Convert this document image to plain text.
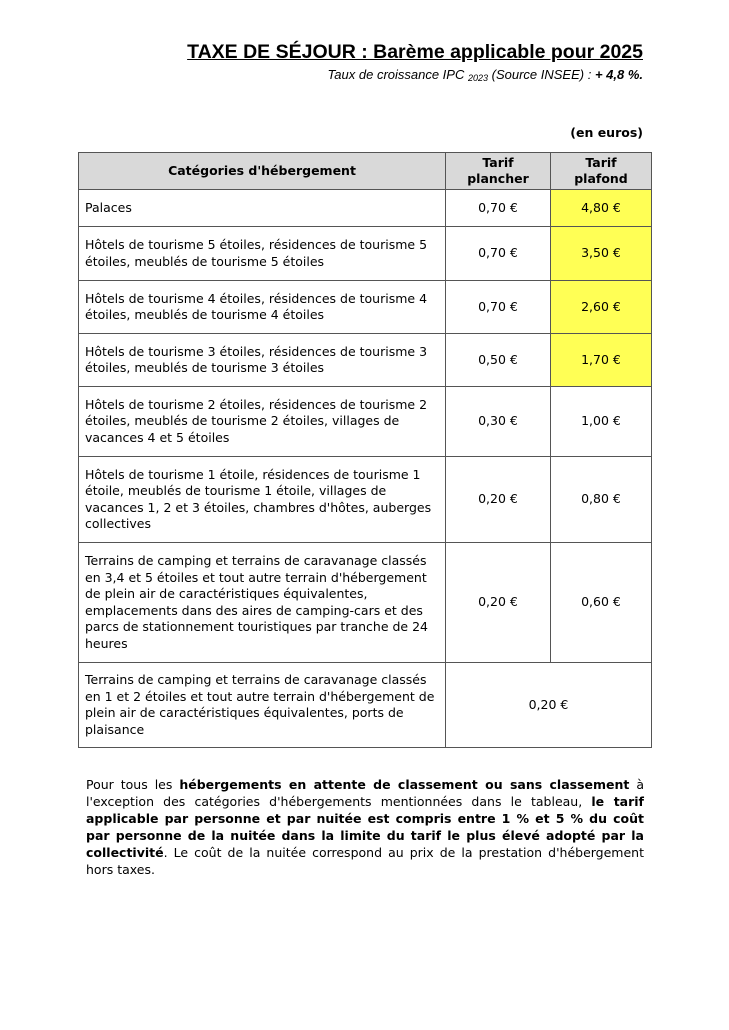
TAXE DE SÉJOUR : Barème applicable pour 2025
Taux de croissance IPC $_{2023}$ (Source INSEE) : + 4,8 %.
(en euros)
Catégories d'hébergement	Tarif plancher	Tarif plafond
Palaces	0,70 €	4,80 €
Hôtels de tourisme 5 étoiles, résidences de tourisme 5 étoiles, meublés de tourisme 5 étoiles	0,70 €	3,50 €
Hôtels de tourisme 4 étoiles, résidences de tourisme 4 étoiles, meublés de tourisme 4 étoiles	0,70 €	2,60 €
Hôtels de tourisme 3 étoiles, résidences de tourisme 3 étoiles, meublés de tourisme 3 étoiles	0,50 €	1,70 €
Hôtels de tourisme 2 étoiles, résidences de tourisme 2 étoiles, meublés de tourisme 2 étoiles, villages de vacances 4 et 5 étoiles	0,30 €	1,00 €
Hôtels de tourisme 1 étoile, résidences de tourisme 1 étoile, meublés de tourisme 1 étoile, villages de vacances 1, 2 et 3 étoiles, chambres d'hôtes, auberges collectives	0,20 €	0,80 €
Terrains de camping et terrains de caravanage classés en 3,4 et 5 étoiles et tout autre terrain d'hébergement de plein air de caractéristiques équivalentes, emplacements dans des aires de camping-cars et des parcs de stationnement touristiques par tranche de 24 heures	0,20 €	0,60 €
Terrains de camping et terrains de caravanage classés en 1 et 2 étoiles et tout autre terrain d'hébergement de plein air de caractéristiques équivalentes, ports de plaisance	0,20 €	
Pour tous les hébergements en attente de classement ou sans classement à l'exception des catégories d'hébergements mentionnées dans le tableau, le tarif applicable par personne et par nuitée est compris entre 1 % et 5 % du coût par personne de la nuitée dans la limite du tarif le plus élevé adopté par la collectivité. Le coût de la nuitée correspond au prix de la prestation d'hébergement hors taxes.
